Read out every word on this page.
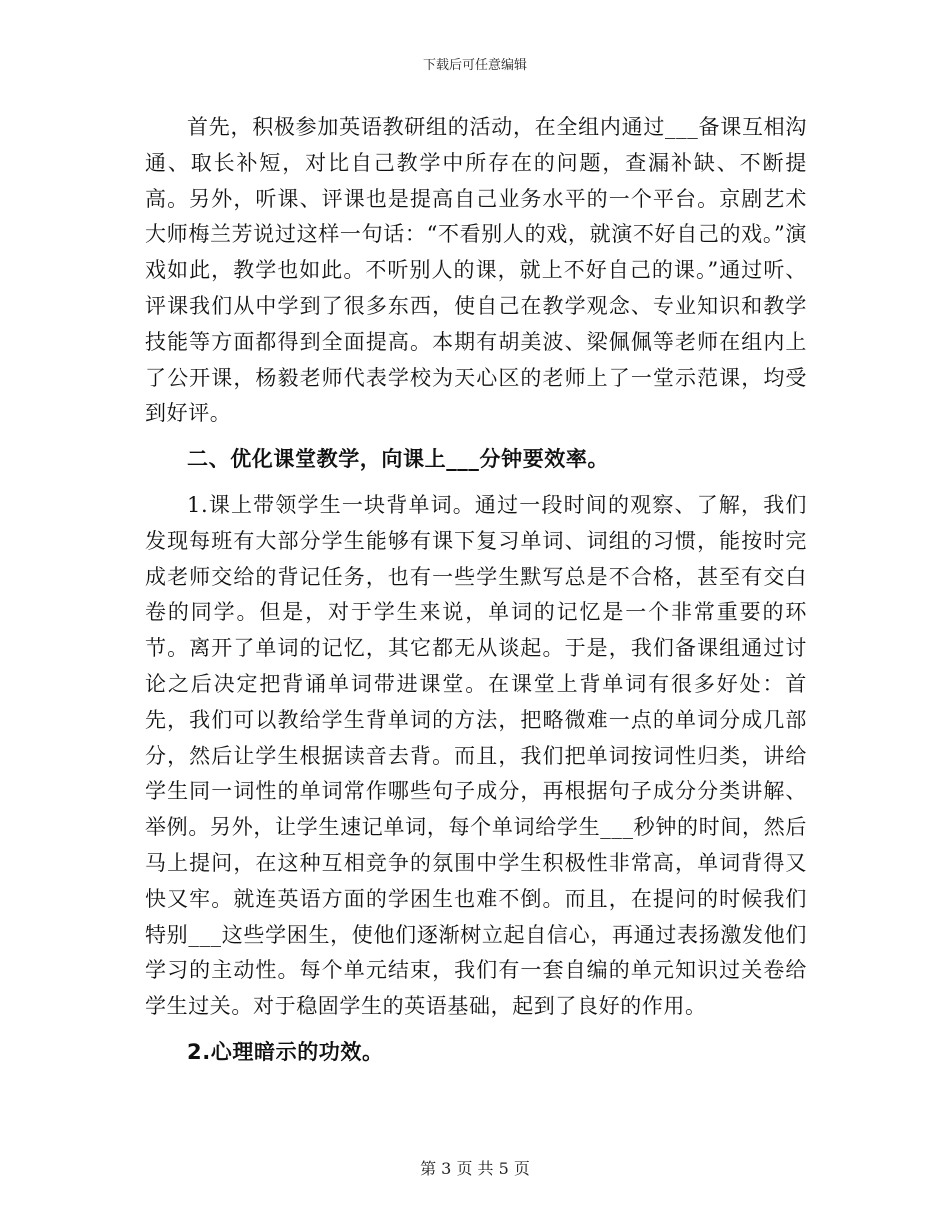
下载后可任意编辑

首先，积极参加英语教研组的活动，在全组内通过___备课互相沟通、取长补短，对比自己教学中所存在的问题，查漏补缺、不断提高。另外，听课、评课也是提高自己业务水平的一个平台。京剧艺术大师梅兰芳说过这样一句话：“不看别人的戏，就演不好自己的戏。”演戏如此，教学也如此。不听别人的课，就上不好自己的课。”通过听、评课我们从中学到了很多东西，使自己在教学观念、专业知识和教学技能等方面都得到全面提高。本期有胡美波、梁佩佩等老师在组内上了公开课，杨毅老师代表学校为天心区的老师上了一堂示范课，均受到好评。

二、优化课堂教学，向课上___分钟要效率。

1.课上带领学生一块背单词。通过一段时间的观察、了解，我们发现每班有大部分学生能够有课下复习单词、词组的习惯，能按时完成老师交给的背记任务，也有一些学生默写总是不合格，甚至有交白卷的同学。但是，对于学生来说，单词的记忆是一个非常重要的环节。离开了单词的记忆，其它都无从谈起。于是，我们备课组通过讨论之后决定把背诵单词带进课堂。在课堂上背单词有很多好处：首先，我们可以教给学生背单词的方法，把略微难一点的单词分成几部分，然后让学生根据读音去背。而且，我们把单词按词性归类，讲给学生同一词性的单词常作哪些句子成分，再根据句子成分分类讲解、举例。另外，让学生速记单词，每个单词给学生___秒钟的时间，然后马上提问，在这种互相竞争的氛围中学生积极性非常高，单词背得又快又牢。就连英语方面的学困生也难不倒。而且，在提问的时候我们特别___这些学困生，使他们逐渐树立起自信心，再通过表扬激发他们学习的主动性。每个单元结束，我们有一套自编的单元知识过关卷给学生过关。对于稳固学生的英语基础，起到了良好的作用。

2.心理暗示的功效。

第 3 页 共 5 页
